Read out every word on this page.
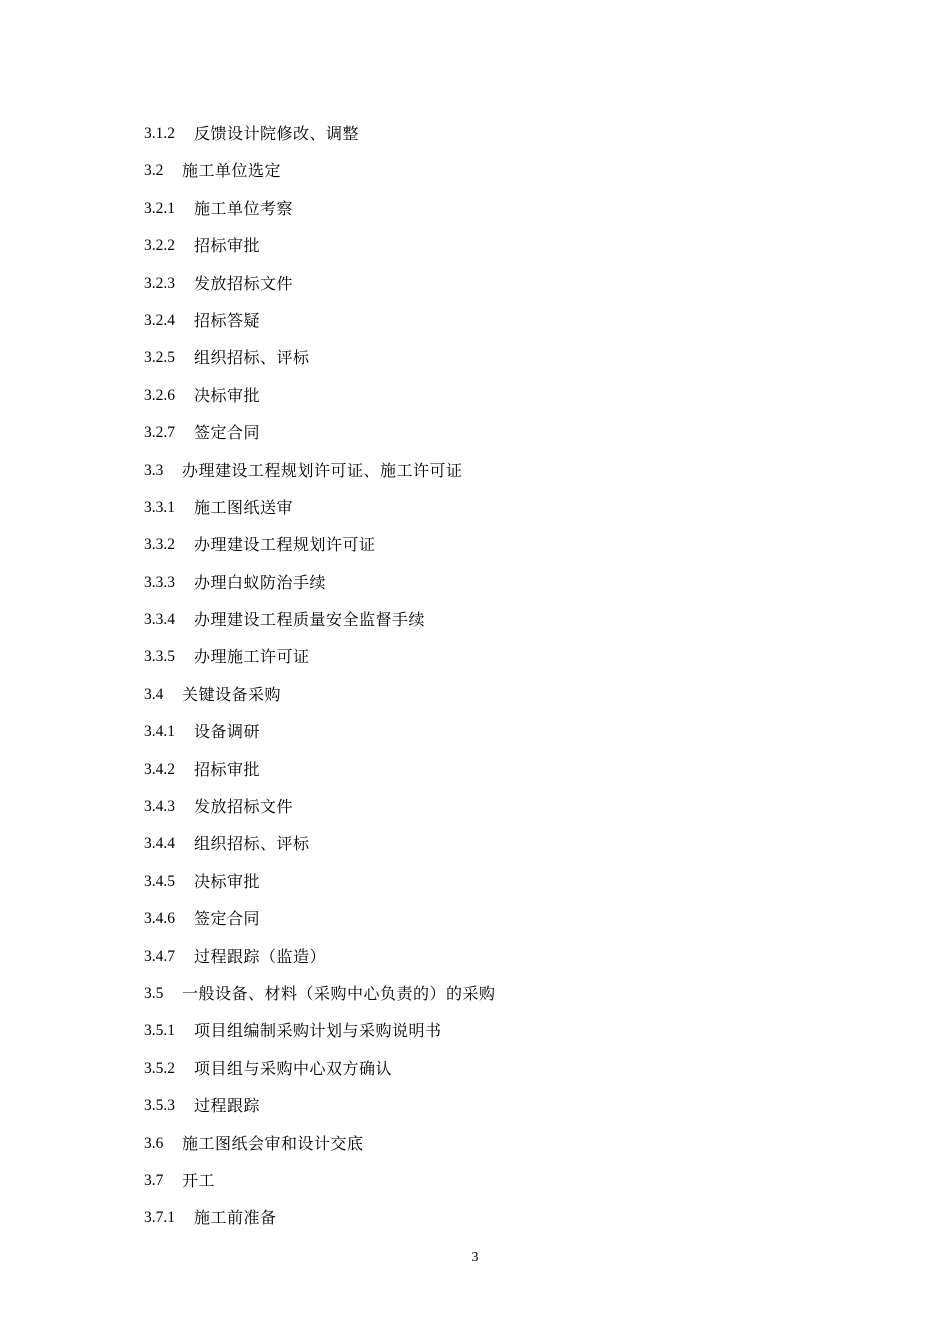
3.1.2	反馈设计院修改、调整
3.2	施工单位选定
3.2.1	施工单位考察
3.2.2	招标审批
3.2.3	发放招标文件
3.2.4	招标答疑
3.2.5	组织招标、评标
3.2.6	决标审批
3.2.7	签定合同
3.3	办理建设工程规划许可证、施工许可证
3.3.1	施工图纸送审
3.3.2	办理建设工程规划许可证
3.3.3	办理白蚁防治手续
3.3.4	办理建设工程质量安全监督手续
3.3.5	办理施工许可证
3.4	关键设备采购
3.4.1	设备调研
3.4.2	招标审批
3.4.3	发放招标文件
3.4.4	组织招标、评标
3.4.5	决标审批
3.4.6	签定合同
3.4.7	过程跟踪（监造）
3.5	一般设备、材料（采购中心负责的）的采购
3.5.1	项目组编制采购计划与采购说明书
3.5.2	项目组与采购中心双方确认
3.5.3	过程跟踪
3.6	施工图纸会审和设计交底
3.7	开工
3.7.1	施工前准备
3
